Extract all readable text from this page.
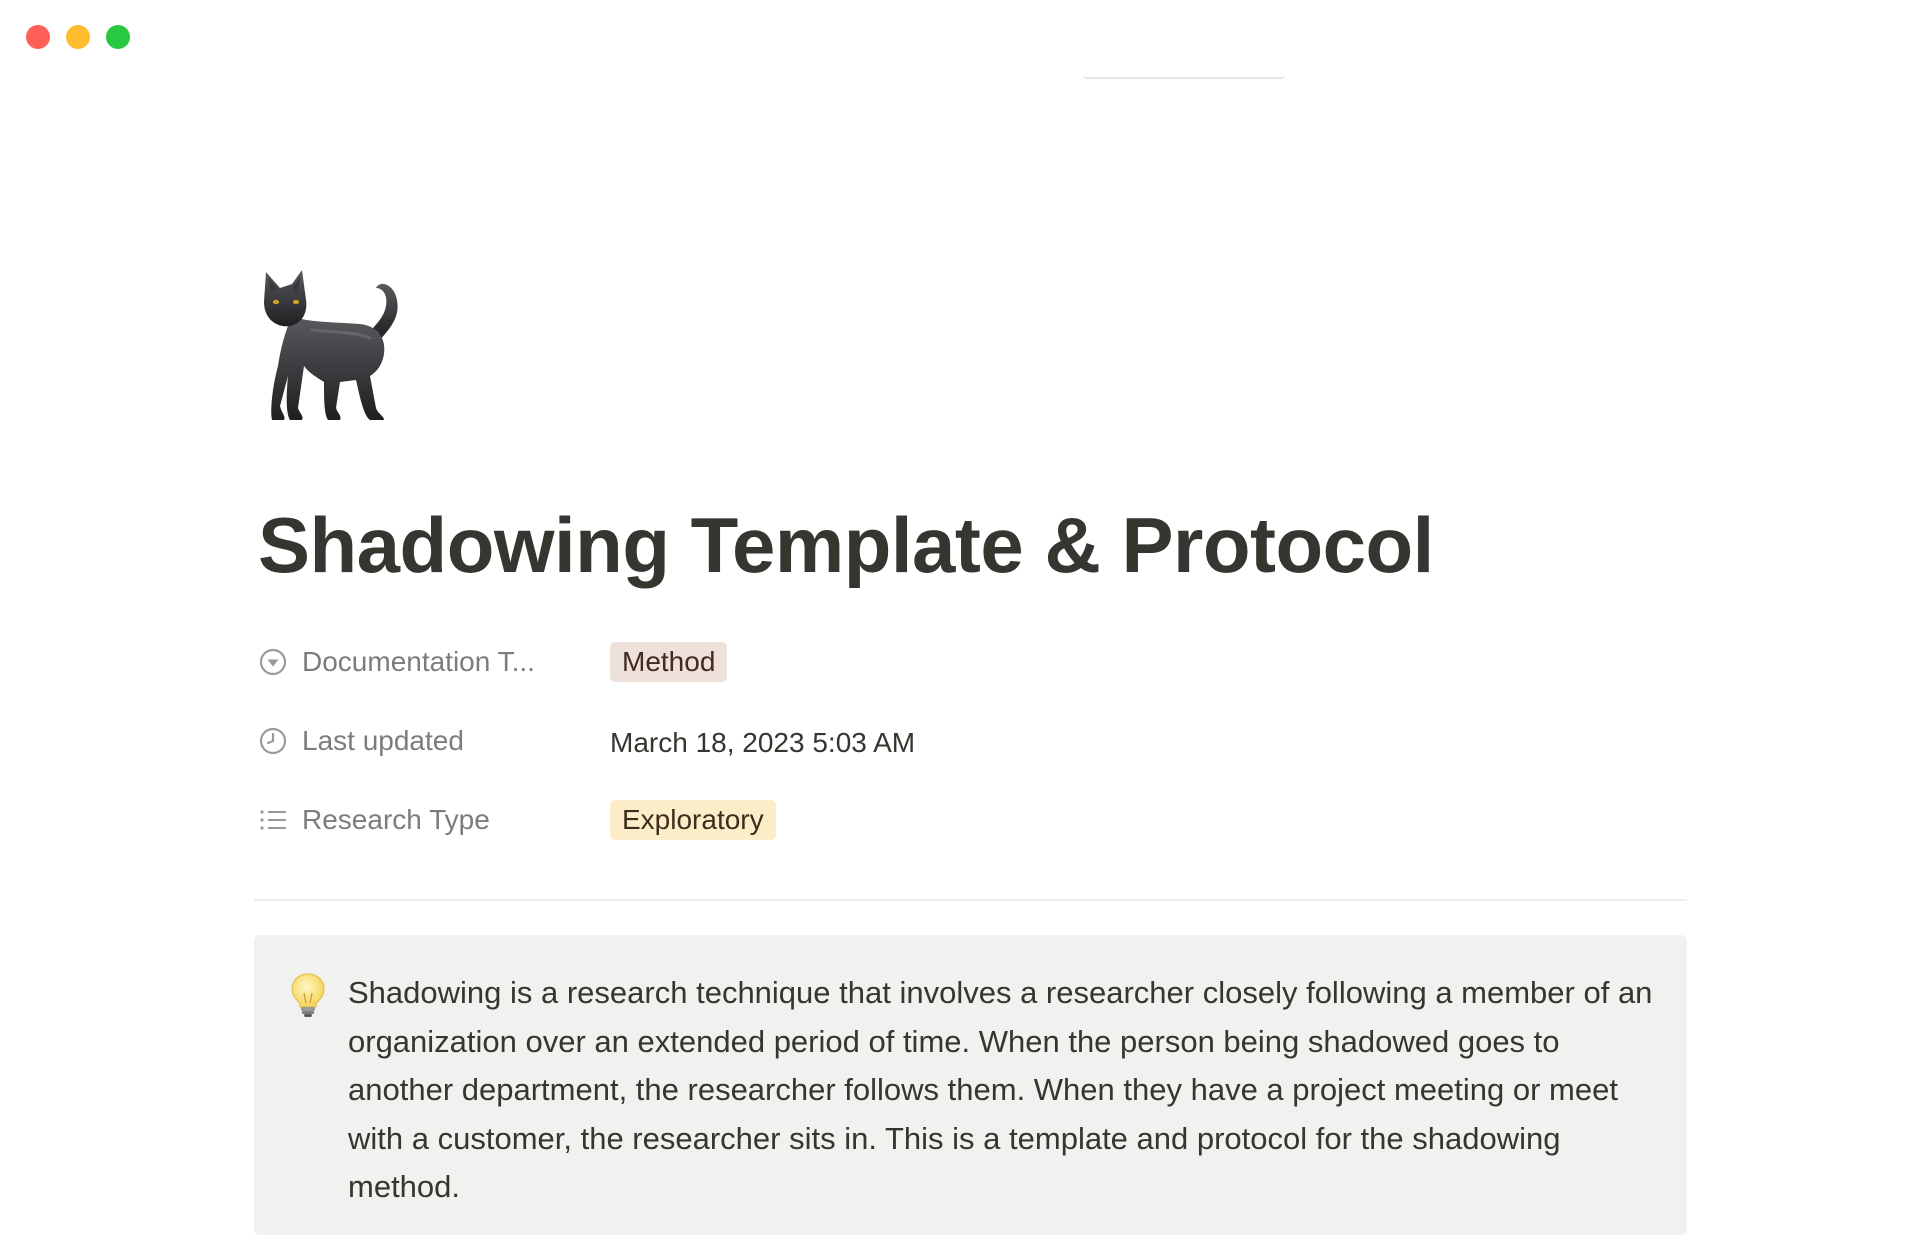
Shadowing Template & Protocol
Documentation T...	Method
Last updated	March 18, 2023 5:03 AM
Research Type	Exploratory
Shadowing is a research technique that involves a researcher closely following a member of an organization over an extended period of time. When the person being shadowed goes to another department, the researcher follows them. When they have a project meeting or meet with a customer, the researcher sits in. This is a template and protocol for the shadowing method.
